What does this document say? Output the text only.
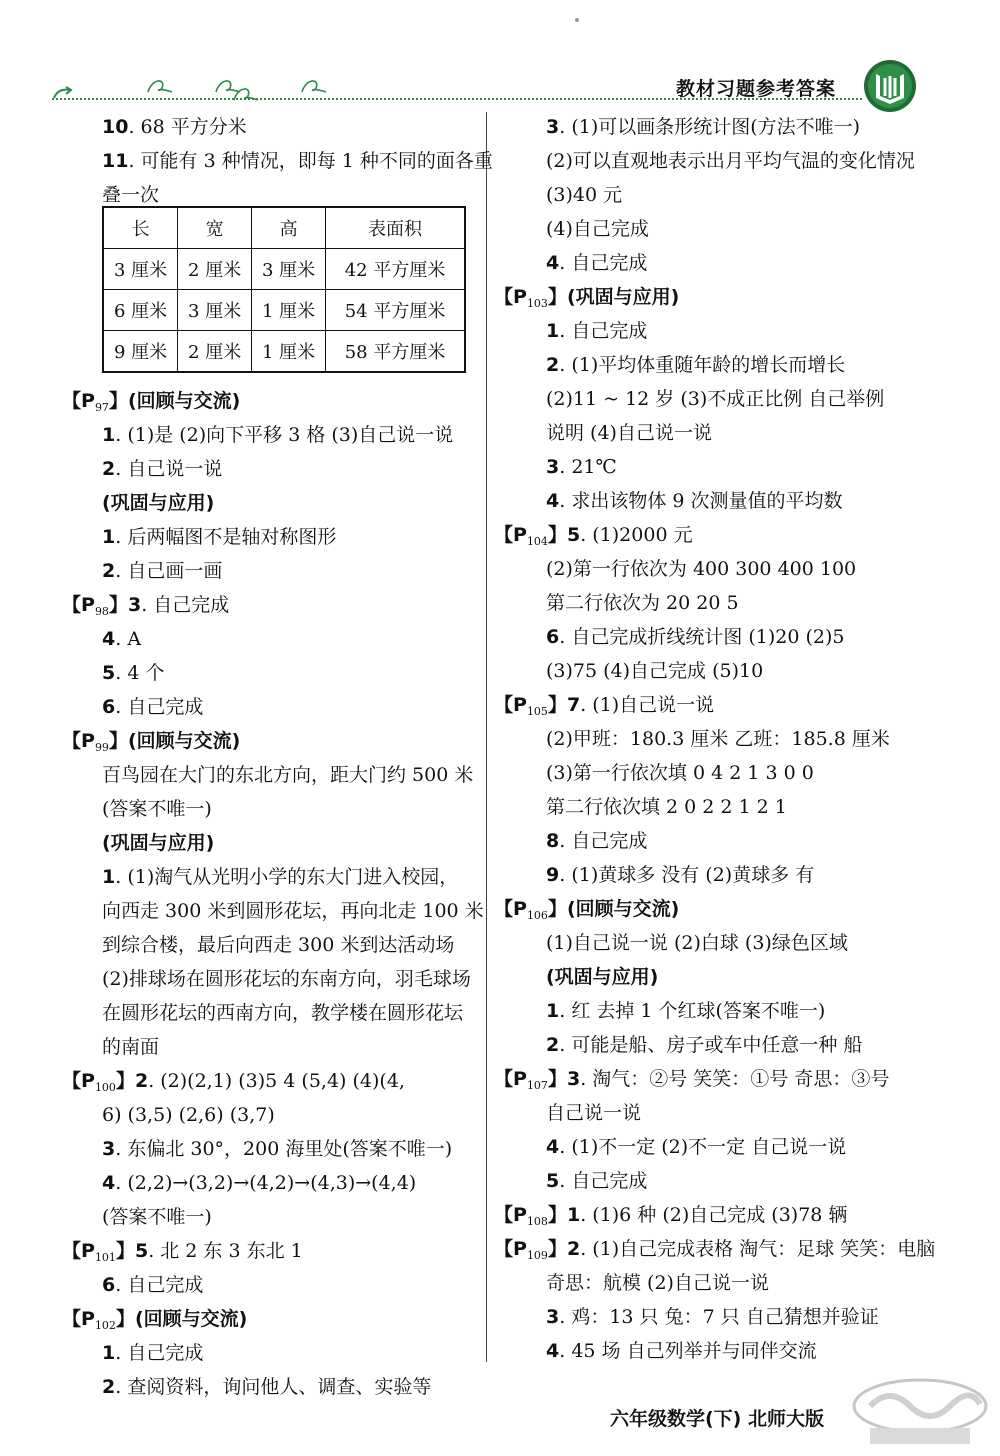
教材习题参考答案
10. 68 平方分米
11. 可能有 3 种情况，即每 1 种不同的面各重
叠一次
【$P_{97}$】(回顾与交流)
1. (1)是 (2)向下平移 3 格 (3)自己说一说
2. 自己说一说
(巩固与应用)
1. 后两幅图不是轴对称图形
2. 自己画一画
【$P_{98}$】3. 自己完成
4. A
5. 4 个
6. 自己完成
【$P_{99}$】(回顾与交流)
百鸟园在大门的东北方向，距大门约 500 米
(答案不唯一)
(巩固与应用)
1. (1)淘气从光明小学的东大门进入校园，
向西走 300 米到圆形花坛，再向北走 100 米
到综合楼，最后向西走 300 米到达活动场
(2)排球场在圆形花坛的东南方向，羽毛球场
在圆形花坛的西南方向，教学楼在圆形花坛
的南面
【$P_{100}$】2. (2)(2,1) (3)5 4 (5,4) (4)(4,
6) (3,5) (2,6) (3,7)
3. 东偏北 30°，200 海里处(答案不唯一)
4. (2,2)→(3,2)→(4,2)→(4,3)→(4,4)
(答案不唯一)
【$P_{101}$】5. 北 2 东 3 东北 1
6. 自己完成
【$P_{102}$】(回顾与交流)
1. 自己完成
2. 查阅资料，询问他人、调查、实验等
长	宽	高	表面积
3 厘米	2 厘米	3 厘米	42 平方厘米
6 厘米	3 厘米	1 厘米	54 平方厘米
9 厘米	2 厘米	1 厘米	58 平方厘米
3. (1)可以画条形统计图(方法不唯一)
(2)可以直观地表示出月平均气温的变化情况
(3)40 元
(4)自己完成
4. 自己完成
【$P_{103}$】(巩固与应用)
1. 自己完成
2. (1)平均体重随年龄的增长而增长
(2)11 ~ 12 岁 (3)不成正比例 自己举例
说明 (4)自己说一说
3. 21℃
4. 求出该物体 9 次测量值的平均数
【$P_{104}$】5. (1)2000 元
(2)第一行依次为 400 300 400 100
第二行依次为 20 20 5
6. 自己完成折线统计图 (1)20 (2)5
(3)75 (4)自己完成 (5)10
【$P_{105}$】7. (1)自己说一说
(2)甲班：180.3 厘米 乙班：185.8 厘米
(3)第一行依次填 0 4 2 1 3 0 0
第二行依次填 2 0 2 2 1 2 1
8. 自己完成
9. (1)黄球多 没有 (2)黄球多 有
【$P_{106}$】(回顾与交流)
(1)自己说一说 (2)白球 (3)绿色区域
(巩固与应用)
1. 红 去掉 1 个红球(答案不唯一)
2. 可能是船、房子或车中任意一种 船
【$P_{107}$】3. 淘气：②号 笑笑：①号 奇思：③号
自己说一说
4. (1)不一定 (2)不一定 自己说一说
5. 自己完成
【$P_{108}$】1. (1)6 种 (2)自己完成 (3)78 辆
【$P_{109}$】2. (1)自己完成表格 淘气：足球 笑笑：电脑
奇思：航模 (2)自己说一说
3. 鸡：13 只 兔：7 只 自己猜想并验证
4. 45 场 自己列举并与同伴交流
六年级数学(下) 北师大版
